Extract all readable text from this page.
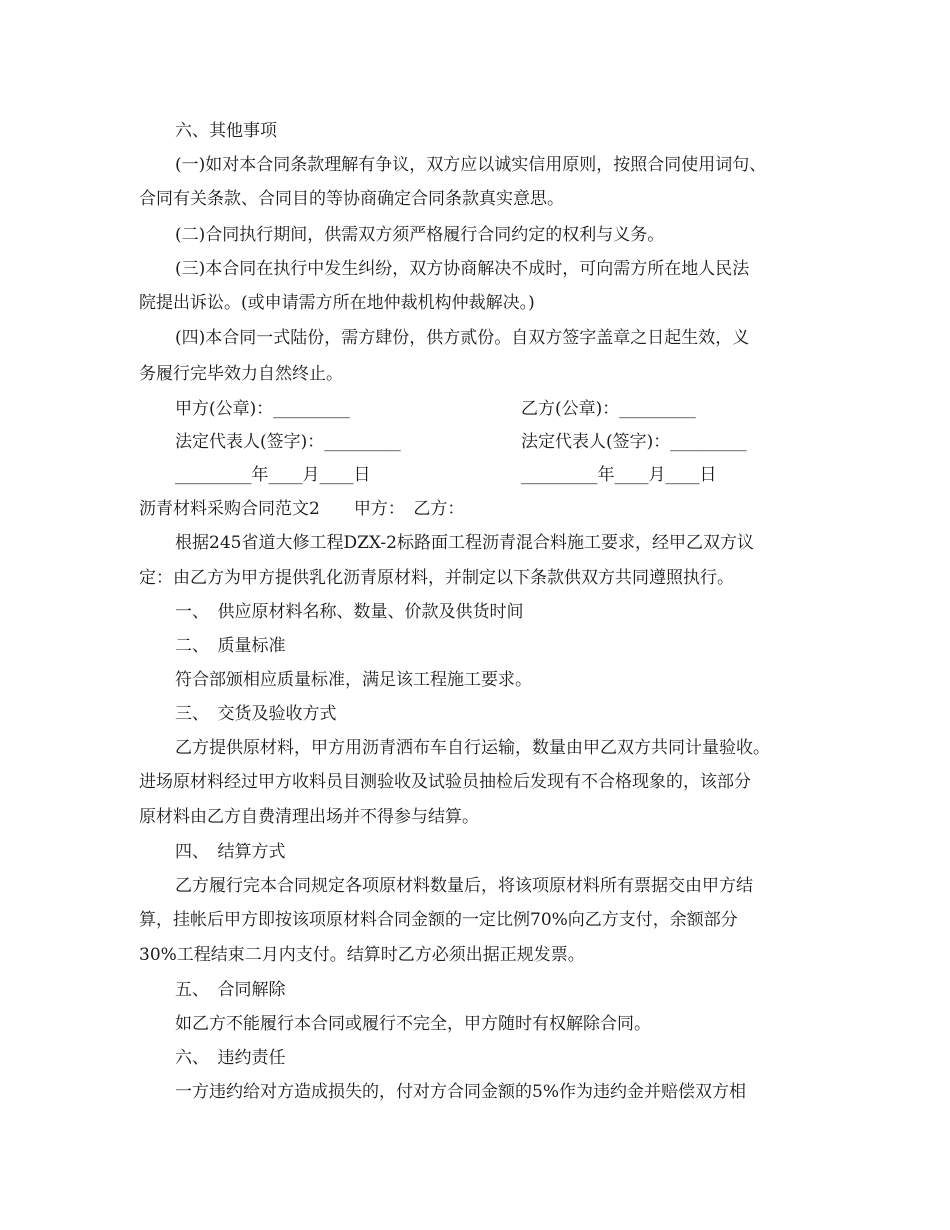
六、其他事项
(一)如对本合同条款理解有争议，双方应以诚实信用原则，按照合同使用词句、
合同有关条款、合同目的等协商确定合同条款真实意思。
(二)合同执行期间，供需双方须严格履行合同约定的权利与义务。
(三)本合同在执行中发生纠纷，双方协商解决不成时，可向需方所在地人民法
院提出诉讼。(或申请需方所在地仲裁机构仲裁解决。)
(四)本合同一式陆份，需方肆份，供方贰份。自双方签字盖章之日起生效，义
务履行完毕效力自然终止。
甲方(公章)：_________	乙方(公章)：_________
法定代表人(签字)：_________	法定代表人(签字)：_________
_________年____月____日	_________年____月____日
沥青材料采购合同范文2　　甲方：　乙方：
根据245省道大修工程DZX-2标路面工程沥青混合料施工要求，经甲乙双方议
定：由乙方为甲方提供乳化沥青原材料，并制定以下条款供双方共同遵照执行。
一、　供应原材料名称、数量、价款及供货时间
二、　质量标准
符合部颁相应质量标准，满足该工程施工要求。
三、　交货及验收方式
乙方提供原材料，甲方用沥青洒布车自行运输，数量由甲乙双方共同计量验收。
进场原材料经过甲方收料员目测验收及试验员抽检后发现有不合格现象的，该部分
原材料由乙方自费清理出场并不得参与结算。
四、　结算方式
乙方履行完本合同规定各项原材料数量后，将该项原材料所有票据交由甲方结
算，挂帐后甲方即按该项原材料合同金额的一定比例70%向乙方支付，余额部分
30%工程结束二月内支付。结算时乙方必须出据正规发票。
五、　合同解除
如乙方不能履行本合同或履行不完全，甲方随时有权解除合同。
六、　违约责任
一方违约给对方造成损失的，付对方合同金额的5%作为违约金并赔偿双方相
